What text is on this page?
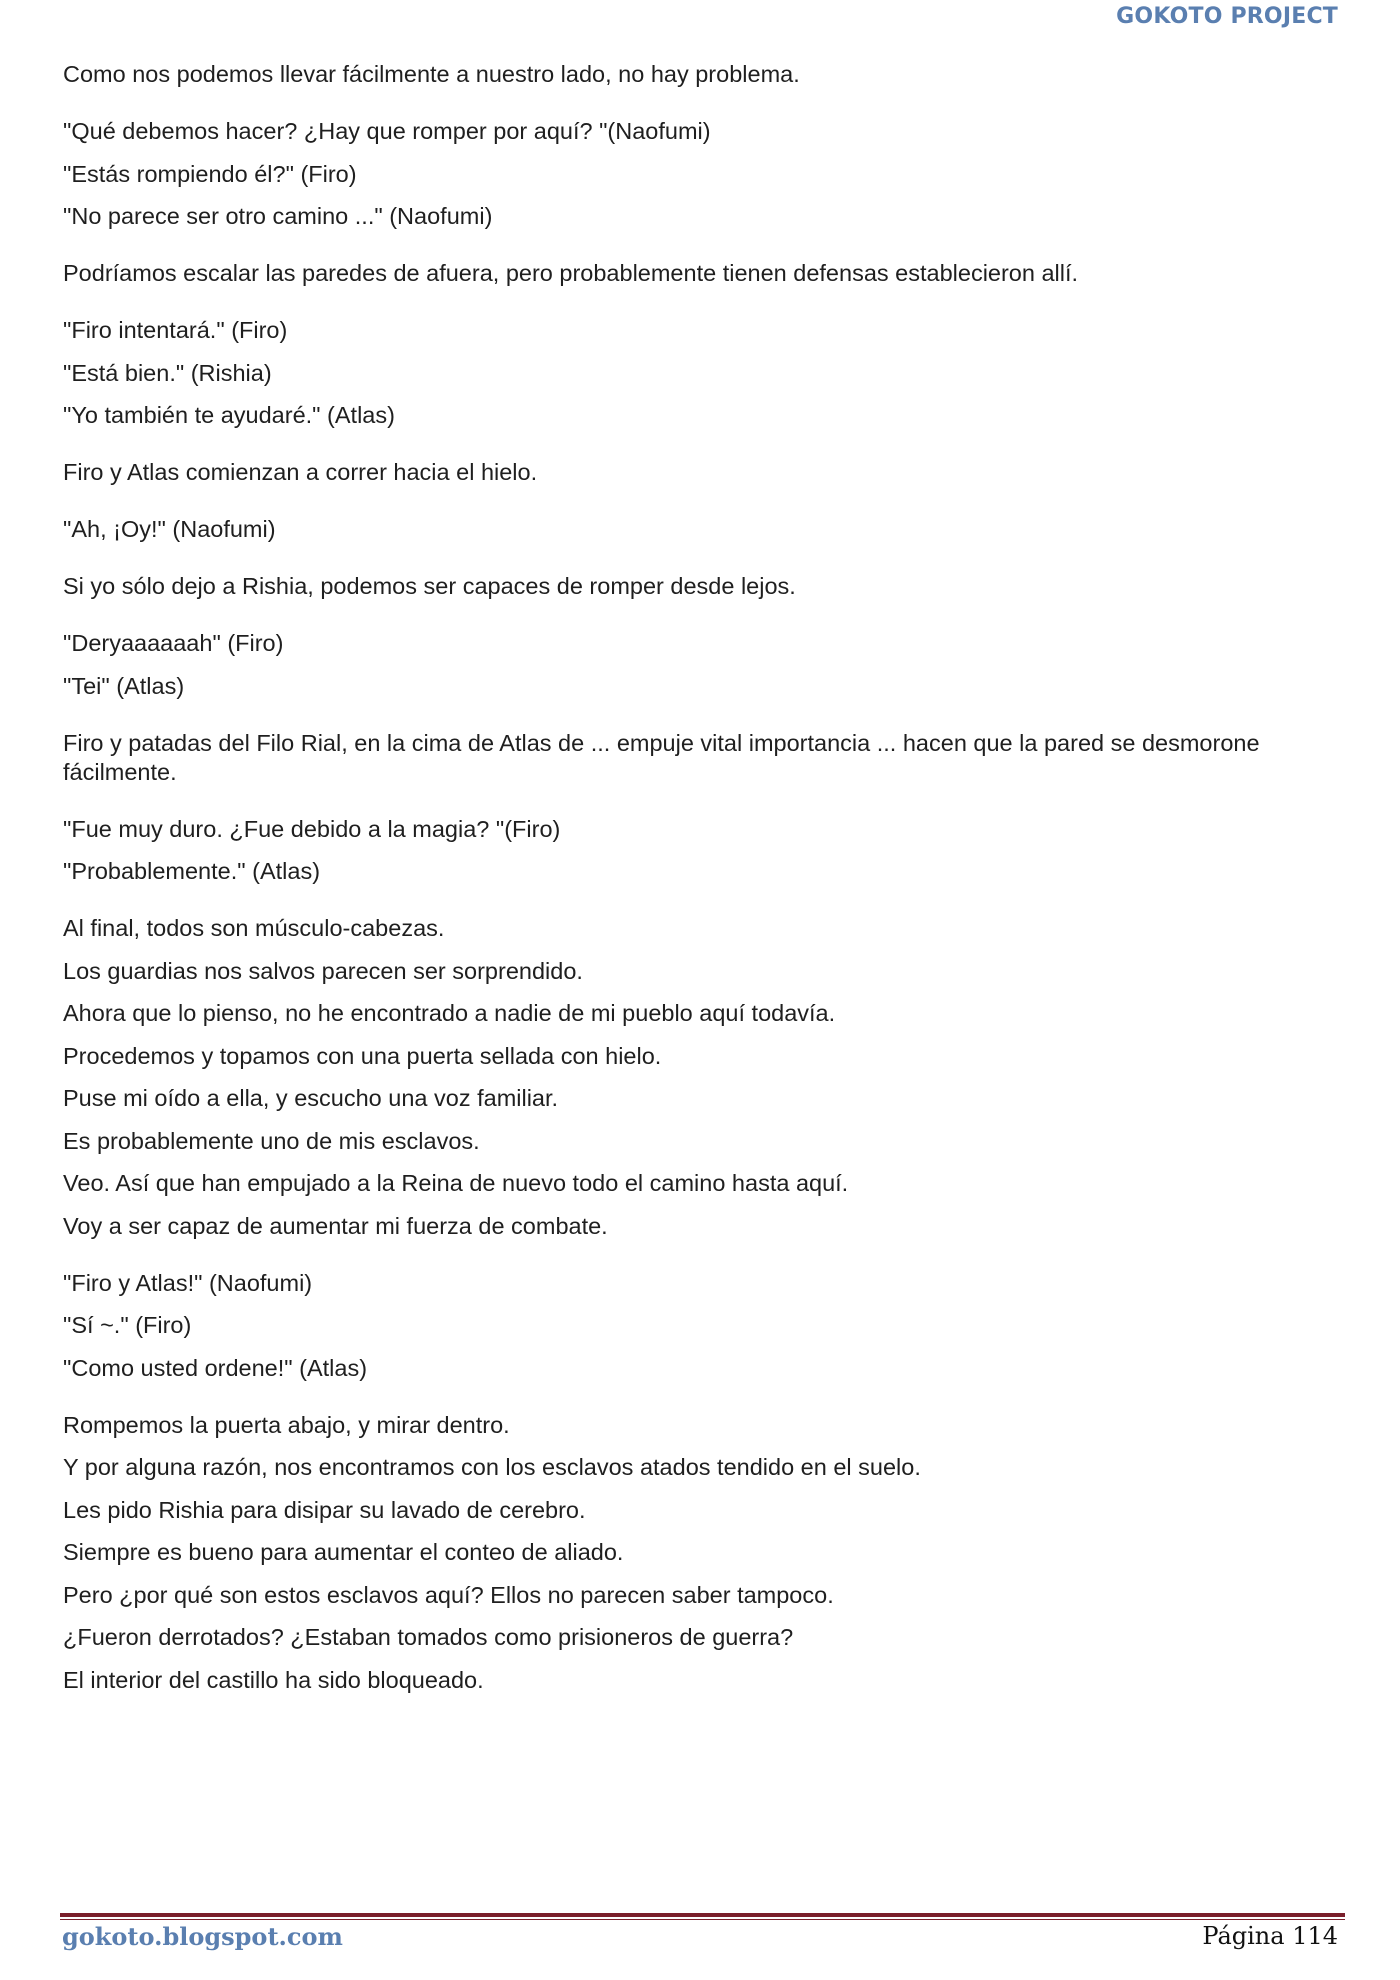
GOKOTO PROJECT
Como nos podemos llevar fácilmente a nuestro lado, no hay problema.
"Qué debemos hacer? ¿Hay que romper por aquí? "(Naofumi)
"Estás rompiendo él?" (Firo)
"No parece ser otro camino ..." (Naofumi)
Podríamos escalar las paredes de afuera, pero probablemente tienen defensas establecieron allí.
"Firo intentará." (Firo)
"Está bien." (Rishia)
"Yo también te ayudaré." (Atlas)
Firo y Atlas comienzan a correr hacia el hielo.
"Ah, ¡Oy!" (Naofumi)
Si yo sólo dejo a Rishia, podemos ser capaces de romper desde lejos.
"Deryaaaaaah" (Firo)
"Tei" (Atlas)
Firo y patadas del Filo Rial, en la cima de Atlas de ... empuje vital importancia ... hacen que la pared se desmorone fácilmente.
"Fue muy duro. ¿Fue debido a la magia? "(Firo)
"Probablemente." (Atlas)
Al final, todos son músculo-cabezas.
Los guardias nos salvos parecen ser sorprendido.
Ahora que lo pienso, no he encontrado a nadie de mi pueblo aquí todavía.
Procedemos y topamos con una puerta sellada con hielo.
Puse mi oído a ella, y escucho una voz familiar.
Es probablemente uno de mis esclavos.
Veo. Así que han empujado a la Reina de nuevo todo el camino hasta aquí.
Voy a ser capaz de aumentar mi fuerza de combate.
"Firo y Atlas!" (Naofumi)
"Sí ~." (Firo)
"Como usted ordene!" (Atlas)
Rompemos la puerta abajo, y mirar dentro.
Y por alguna razón, nos encontramos con los esclavos atados tendido en el suelo.
Les pido Rishia para disipar su lavado de cerebro.
Siempre es bueno para aumentar el conteo de aliado.
Pero ¿por qué son estos esclavos aquí? Ellos no parecen saber tampoco.
¿Fueron derrotados? ¿Estaban tomados como prisioneros de guerra?
El interior del castillo ha sido bloqueado.
gokoto.blogspot.com	Página 114
